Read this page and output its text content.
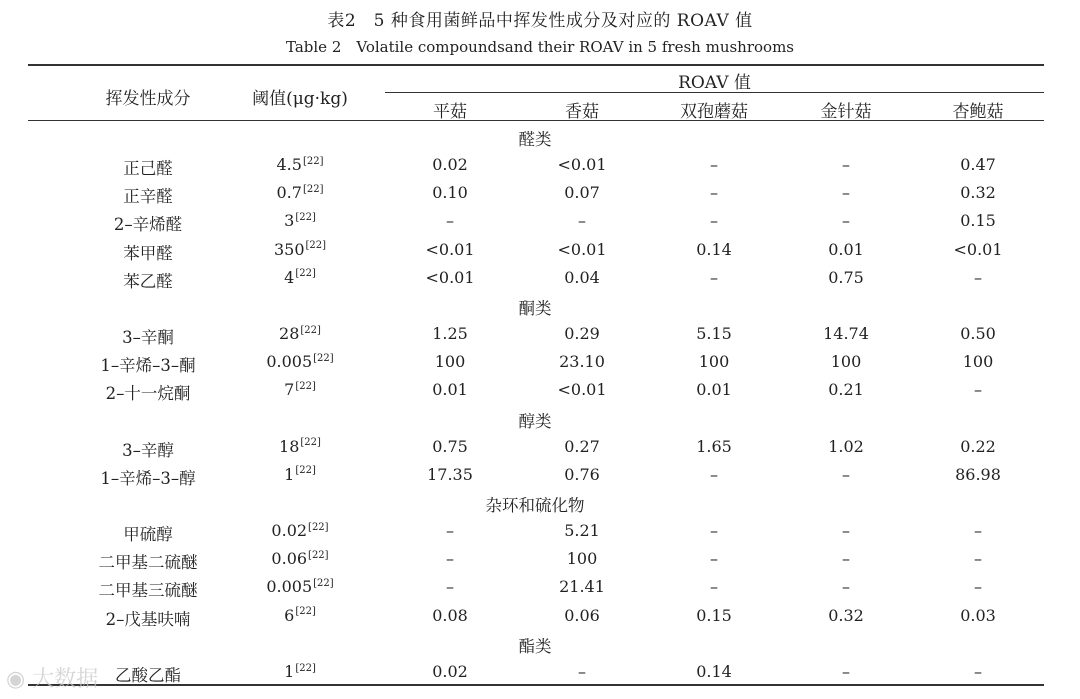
表2　5 种食用菌鲜品中挥发性成分及对应的 ROAV 值
Table 2　Volatile compoundsand their ROAV in 5 fresh mushrooms
挥发性成分	阈值(μg·kg)
ROAV 值
平菇	香菇	双孢蘑菇	金针菇	杏鲍菇
醛类
正己醛	4.5[22]	0.02	<0.01	–	–	0.47
正辛醛	0.7[22]	0.10	0.07	–	–	0.32
2–辛烯醛	3[22]	–	–	–	–	0.15
苯甲醛	350[22]	<0.01	<0.01	0.14	0.01	<0.01
苯乙醛	4[22]	<0.01	0.04	–	0.75	–
酮类
3–辛酮	28[22]	1.25	0.29	5.15	14.74	0.50
1–辛烯–3–酮	0.005[22]	100	23.10	100	100	100
2–十一烷酮	7[22]	0.01	<0.01	0.01	0.21	–
醇类
3–辛醇	18[22]	0.75	0.27	1.65	1.02	0.22
1–辛烯–3–醇	1[22]	17.35	0.76	–	–	86.98
杂环和硫化物
甲硫醇	0.02[22]	–	5.21	–	–	–
二甲基二硫醚	0.06[22]	–	100	–	–	–
二甲基三硫醚	0.005[22]	–	21.41	–	–	–
2–戊基呋喃	6[22]	0.08	0.06	0.15	0.32	0.03
酯类
乙酸乙酯	1[22]	0.02	–	0.14	–	–
◉ 大数据
